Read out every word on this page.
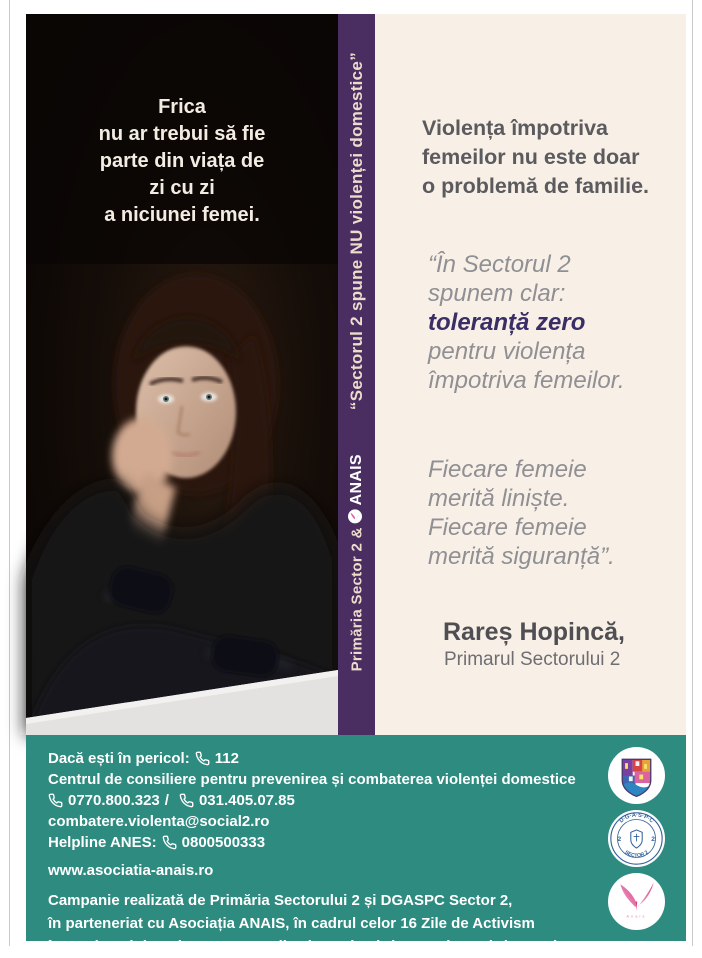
Frica
nu ar trebui să fie
parte din viața de
zi cu zi
a niciunei femei.	“Sectorul 2 spune NU violenței domestice”
Primăria Sector 2 &
ANAIS
Violența împotriva
femeilor nu este doar
o problemă de familie.
“În Sectorul 2
spunem clar:
toleranță zero
pentru violența
împotriva femeilor.
Fiecare femeie
merită liniște.
Fiecare femeie
merită siguranță”.
Rareș Hopincă,
Primarul Sectorului 2
Dacă ești în pericol: 112
Centrul de consiliere pentru prevenirea și combaterea violenței domestice
0770.800.323 / 031.405.07.85
combatere.violenta@social2.ro
Helpline ANES: 0800500333
www.asociatia-anais.ro
Campanie realizată de Primăria Sectorului 2 și DGASPC Sector 2,
în parteneriat cu Asociația ANAIS, în cadrul celor 16 Zile de Activism
împotriva Violenței asupra Femeilor (25 noiembrie – 10 decembrie 2025).
D·G·A·S·P·C
SECTOR 2
2	2
Anais
